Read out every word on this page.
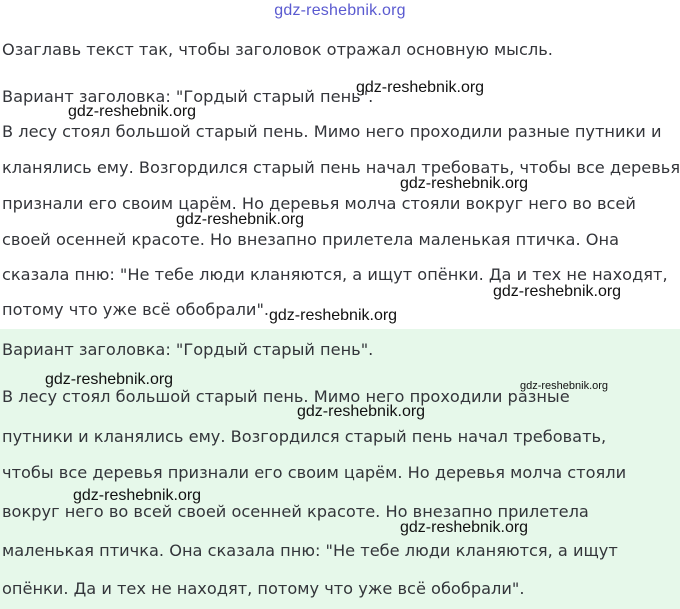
gdz-reshebnik.org
Озаглавь текст так, чтобы заголовок отражал основную мысль.
Вариант заголовка: "Гордый старый пень".
В лесу стоял большой старый пень. Мимо него проходили разные путники и
кланялись ему. Возгордился старый пень начал требовать, чтобы все деревья
признали его своим царём. Но деревья молча стояли вокруг него во всей
своей осенней красоте. Но внезапно прилетела маленькая птичка. Она
сказала пню: "Не тебе люди кланяются, а ищут опёнки. Да и тех не находят,
потому что уже всё обобрали".
Вариант заголовка: "Гордый старый пень".
В лесу стоял большой старый пень. Мимо него проходили разные
путники и кланялись ему. Возгордился старый пень начал требовать,
чтобы все деревья признали его своим царём. Но деревья молча стояли
вокруг него во всей своей осенней красоте. Но внезапно прилетела
маленькая птичка. Она сказала пню: "Не тебе люди кланяются, а ищут
опёнки. Да и тех не находят, потому что уже всё обобрали".
gdz-reshebnik.org
gdz-reshebnik.org
gdz-reshebnik.org
gdz-reshebnik.org
gdz-reshebnik.org
gdz-reshebnik.org
gdz-reshebnik.org	gdz-reshebnik.org
gdz-reshebnik.org
gdz-reshebnik.org
gdz-reshebnik.org
